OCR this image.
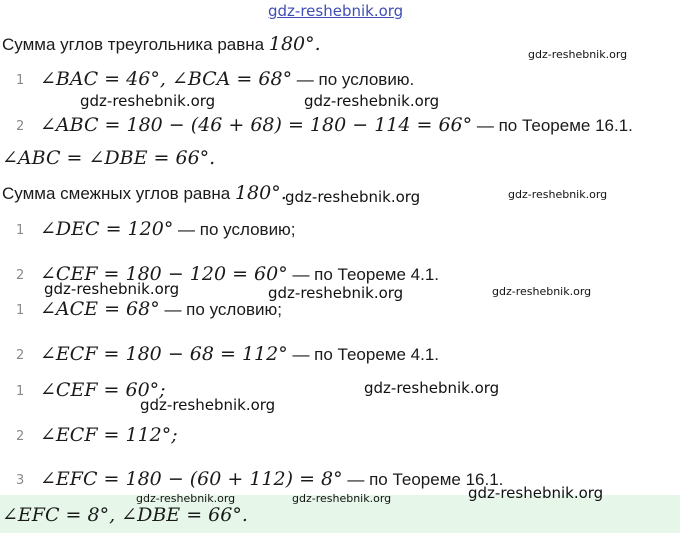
gdz-reshebnik.org
Сумма углов треугольника равна 180°.
1 ∠BAC = 46°, ∠BCA = 68° — по условию.
2 ∠ABC = 180 − (46 + 68) = 180 − 114 = 66° — по Теореме 16.1.
∠ABC = ∠DBE = 66°.
Сумма смежных углов равна 180°.
1 ∠DEC = 120° — по условию;
2 ∠CEF = 180 − 120 = 60° — по Теореме 4.1.
1 ∠ACE = 68° — по условию;
2 ∠ECF = 180 − 68 = 112° — по Теореме 4.1.
1 ∠CEF = 60°;
2 ∠ECF = 112°;
3 ∠EFC = 180 − (60 + 112) = 8° — по Теореме 16.1.
∠EFC = 8°, ∠DBE = 66°.
gdz-reshebnik.org
gdz-reshebnik.org	gdz-reshebnik.org
gdz-reshebnik.org	gdz-reshebnik.org
gdz-reshebnik.org	gdz-reshebnik.org	gdz-reshebnik.org
gdz-reshebnik.org
gdz-reshebnik.org
gdz-reshebnik.org
gdz-reshebnik.org	gdz-reshebnik.org
